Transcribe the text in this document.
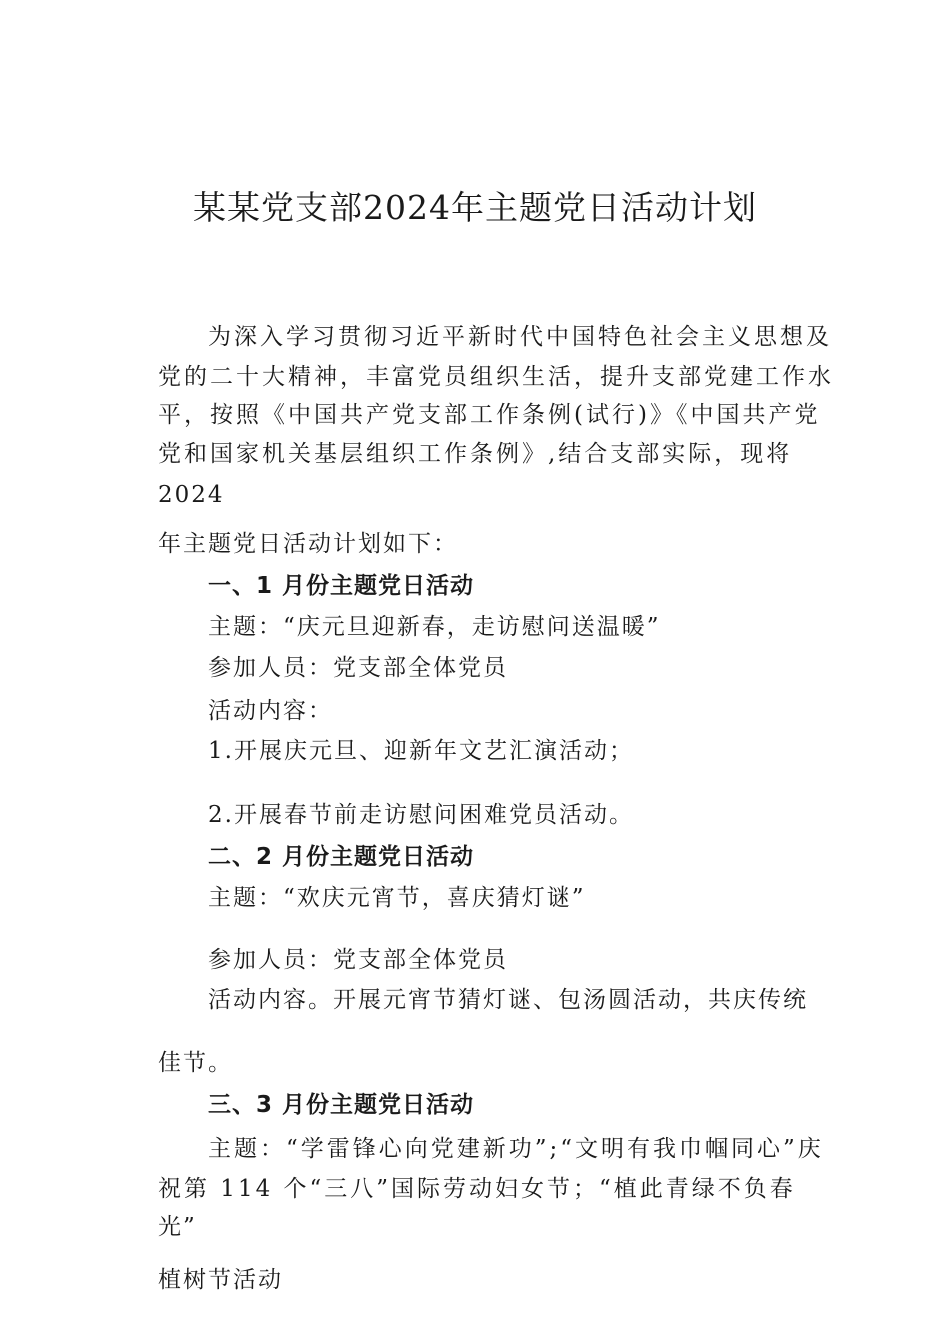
某某党支部2024年主题党日活动计划
为深入学习贯彻习近平新时代中国特色社会主义思想及
党的二十大精神，丰富党员组织生活，提升支部党建工作水
平，按照《中国共产党支部工作条例(试行)》《中国共产党
党和国家机关基层组织工作条例》,结合支部实际，现将
2024
年主题党日活动计划如下：
一、1 月份主题党日活动
主题：“庆元旦迎新春，走访慰问送温暖”
参加人员：党支部全体党员
活动内容：
1.开展庆元旦、迎新年文艺汇演活动；
2.开展春节前走访慰问困难党员活动。
二、2 月份主题党日活动
主题：“欢庆元宵节，喜庆猜灯谜”
参加人员：党支部全体党员
活动内容。开展元宵节猜灯谜、包汤圆活动，共庆传统
佳节。
三、3 月份主题党日活动
主题：“学雷锋心向党建新功”;“文明有我巾帼同心”庆
祝第 114 个“三八”国际劳动妇女节；“植此青绿不负春
光”
植树节活动
